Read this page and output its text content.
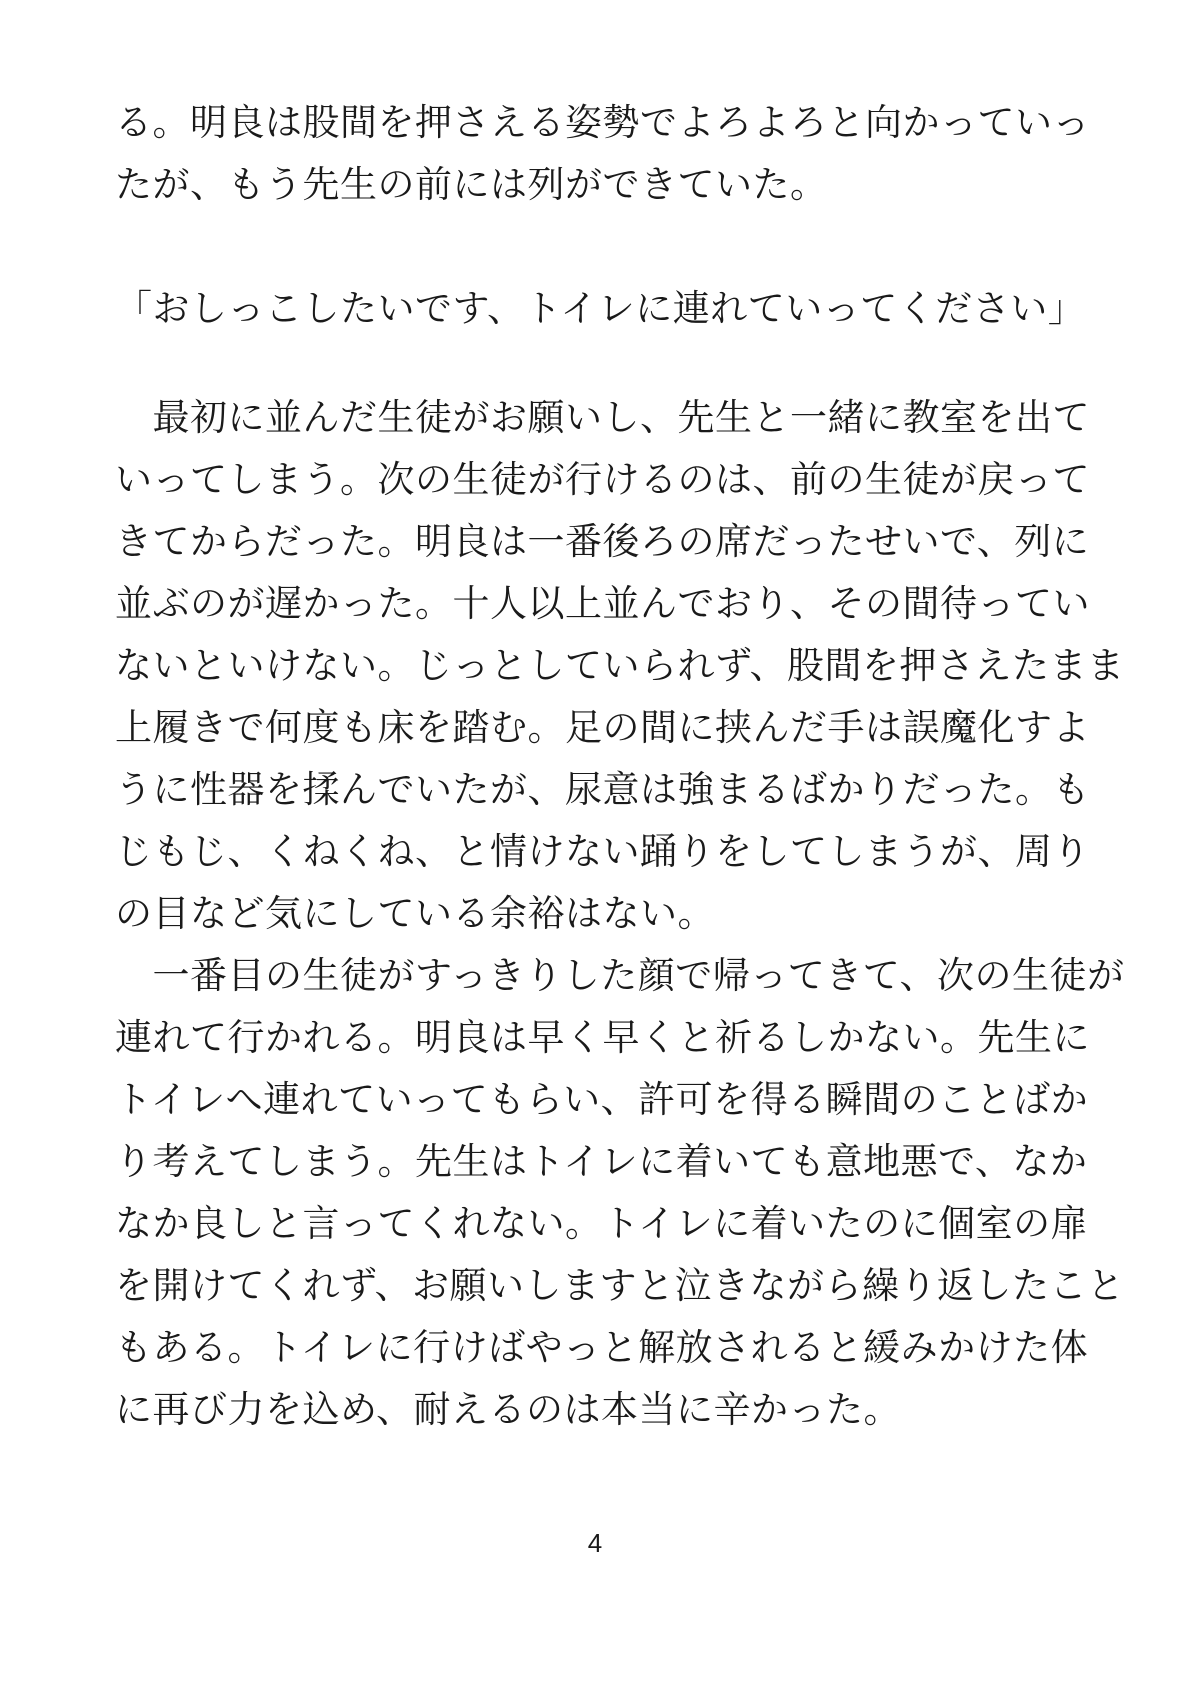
る。明良は股間を押さえる姿勢でよろよろと向かっていっ
たが、もう先生の前には列ができていた。
「おしっこしたいです、トイレに連れていってください」
　最初に並んだ生徒がお願いし、先生と一緒に教室を出て
いってしまう。次の生徒が行けるのは、前の生徒が戻って
きてからだった。明良は一番後ろの席だったせいで、列に
並ぶのが遅かった。十人以上並んでおり、その間待ってい
ないといけない。じっとしていられず、股間を押さえたまま
上履きで何度も床を踏む。足の間に挟んだ手は誤魔化すよ
うに性器を揉んでいたが、尿意は強まるばかりだった。も
じもじ、くねくね、と情けない踊りをしてしまうが、周り
の目など気にしている余裕はない。
　一番目の生徒がすっきりした顔で帰ってきて、次の生徒が
連れて行かれる。明良は早く早くと祈るしかない。先生に
トイレへ連れていってもらい、許可を得る瞬間のことばか
り考えてしまう。先生はトイレに着いても意地悪で、なか
なか良しと言ってくれない。トイレに着いたのに個室の扉
を開けてくれず、お願いしますと泣きながら繰り返したこと
もある。トイレに行けばやっと解放されると緩みかけた体
に再び力を込め、耐えるのは本当に辛かった。
4
